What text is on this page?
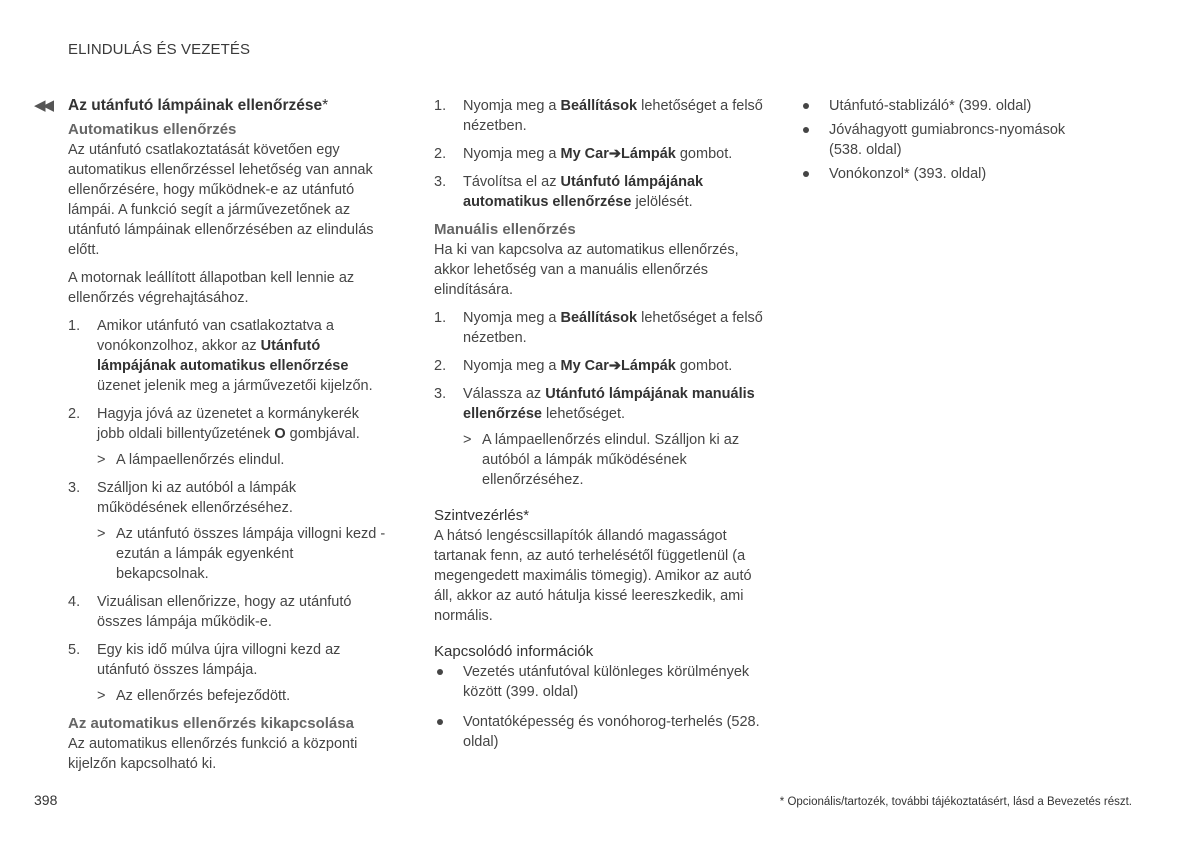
ELINDULÁS ÉS VEZETÉS
◀◀ Az utánfutó lámpáinak ellenőrzése*
Automatikus ellenőrzés

Az utánfutó csatlakoztatását követően egy automatikus ellenőrzéssel lehetőség van annak ellenőrzésére, hogy működnek-e az utánfutó lámpái. A funkció segít a járművezetőnek az utánfutó lámpáinak ellenőrzésében az elindulás előtt.

A motornak leállított állapotban kell lennie az ellenőrzés végrehajtásához.

1. Amikor utánfutó van csatlakoztatva a vonókonzolhoz, akkor az Utánfutó lámpájának automatikus ellenőrzése üzenet jelenik meg a járművezetői kijelzőn.
2. Hagyja jóvá az üzenetet a kormánykerék jobb oldali billentyűzetének O gombjával.
> A lámpaellenőrzés elindul.
3. Szálljon ki az autóból a lámpák működésének ellenőrzéséhez.
> Az utánfutó összes lámpája villogni kezd - ezután a lámpák egyenként bekapcsolnak.
4. Vizuálisan ellenőrizze, hogy az utánfutó összes lámpája működik-e.
5. Egy kis idő múlva újra villogni kezd az utánfutó összes lámpája.
> Az ellenőrzés befejeződött.
Az automatikus ellenőrzés kikapcsolása

Az automatikus ellenőrzés funkció a központi kijelzőn kapcsolható ki.

1. Nyomja meg a Beállítások lehetőséget a felső nézetben.
2. Nyomja meg a My Car➔Lámpák gombot.
3. Távolítsa el az Utánfutó lámpájának automatikus ellenőrzése jelölését.
Manuális ellenőrzés

Ha ki van kapcsolva az automatikus ellenőrzés, akkor lehetőség van a manuális ellenőrzés elindítására.

1. Nyomja meg a Beállítások lehetőséget a felső nézetben.
2. Nyomja meg a My Car➔Lámpák gombot.
3. Válassza az Utánfutó lámpájának manuális ellenőrzése lehetőséget.
> A lámpaellenőrzés elindul. Szálljon ki az autóból a lámpák működésének ellenőrzéséhez.
Szintvezérlés*

A hátsó lengéscsillapítók állandó magasságot tartanak fenn, az autó terhelésétől függetlenül (a megengedett maximális tömegig). Amikor az autó áll, akkor az autó hátulja kissé leereszkedik, ami normális.

Kapcsolódó információk
Vezetés utánfutóval különleges körülmények között (399. oldal)
Vontatóképesség és vonóhorog-terhelés (528. oldal)
Utánfutó-stablizáló* (399. oldal)
Jóváhagyott gumiabroncs-nyomások (538. oldal)
Vonókonzol* (393. oldal)
398	* Opcionális/tartozék, további tájékoztatásért, lásd a Bevezetés részt.
